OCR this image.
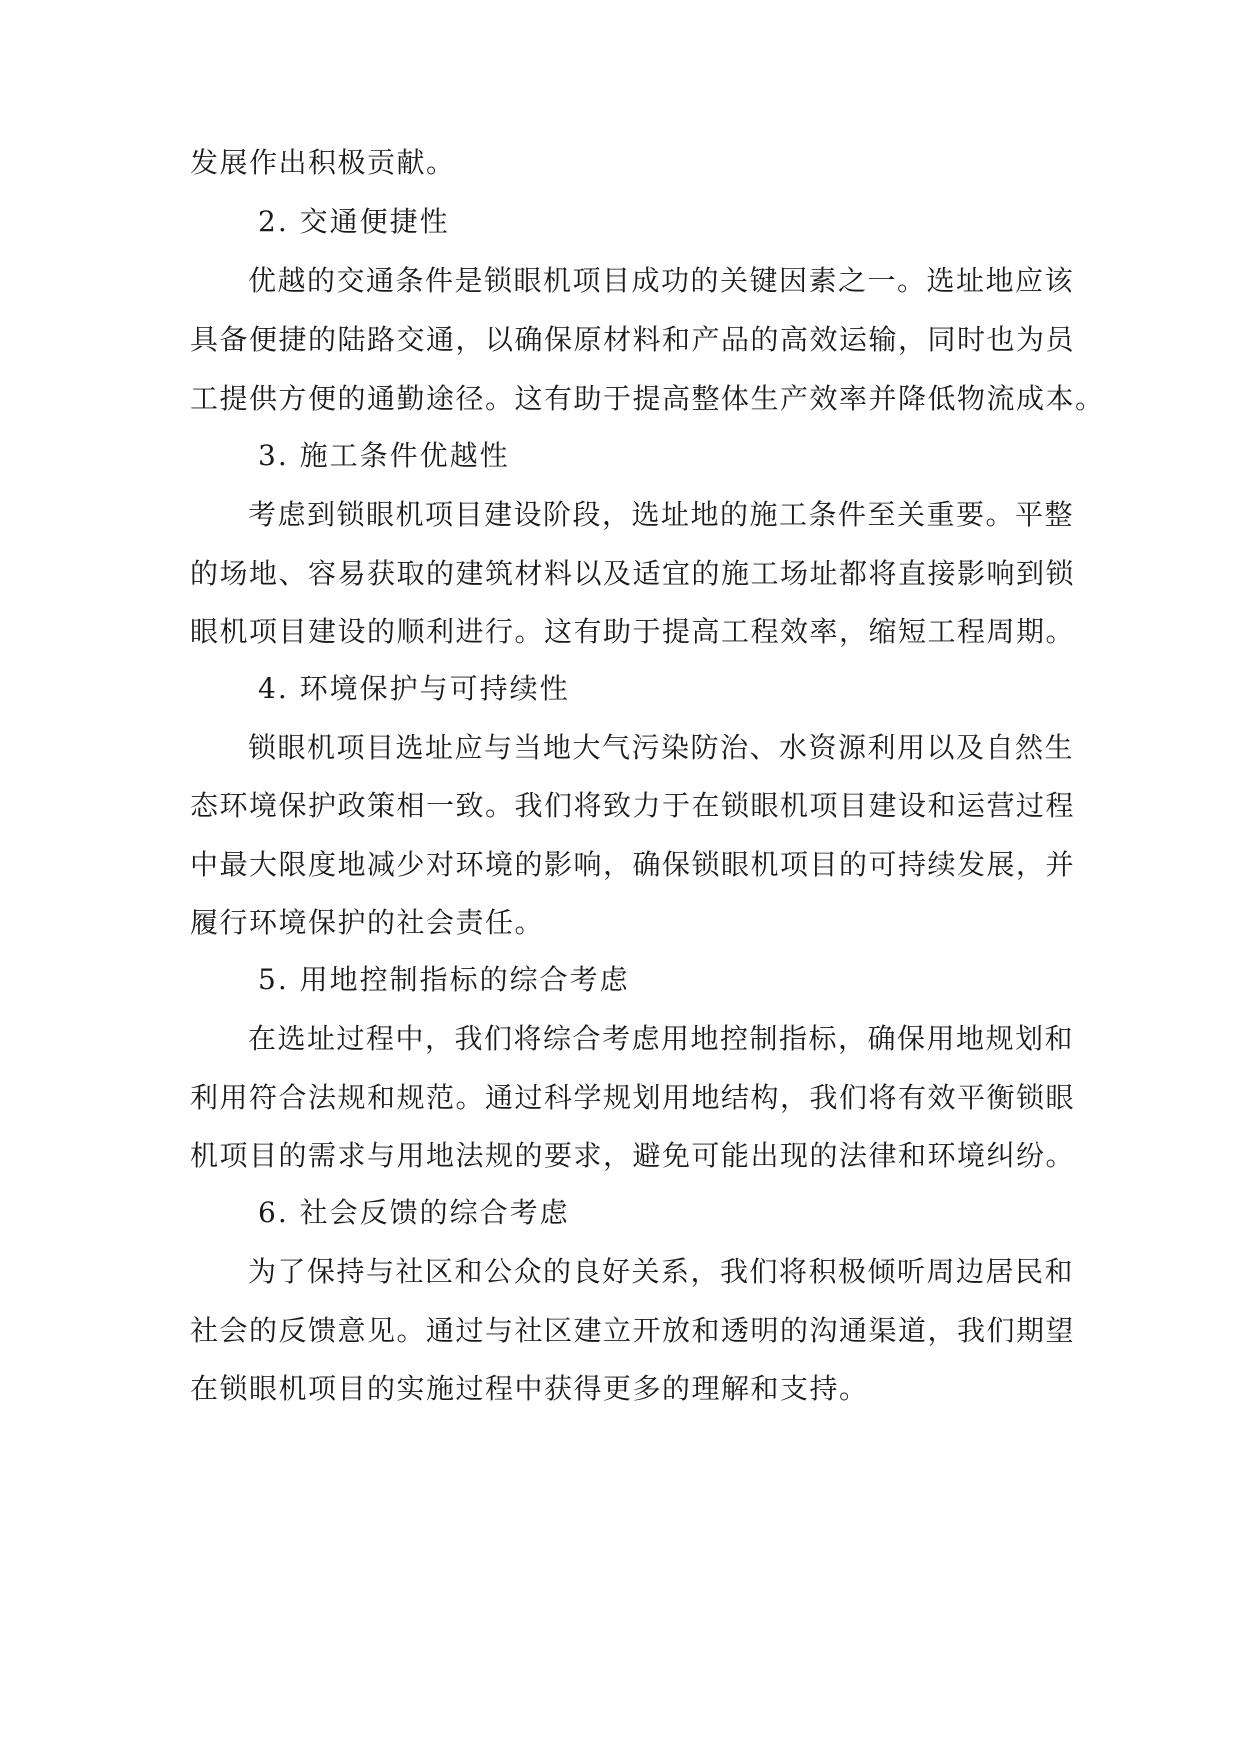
发展作出积极贡献。
2. 交通便捷性
优越的交通条件是锁眼机项目成功的关键因素之一。选址地应该
具备便捷的陆路交通，以确保原材料和产品的高效运输，同时也为员
工提供方便的通勤途径。这有助于提高整体生产效率并降低物流成本。
3. 施工条件优越性
考虑到锁眼机项目建设阶段，选址地的施工条件至关重要。平整
的场地、容易获取的建筑材料以及适宜的施工场址都将直接影响到锁
眼机项目建设的顺利进行。这有助于提高工程效率，缩短工程周期。
4. 环境保护与可持续性
锁眼机项目选址应与当地大气污染防治、水资源利用以及自然生
态环境保护政策相一致。我们将致力于在锁眼机项目建设和运营过程
中最大限度地减少对环境的影响，确保锁眼机项目的可持续发展，并
履行环境保护的社会责任。
5. 用地控制指标的综合考虑
在选址过程中，我们将综合考虑用地控制指标，确保用地规划和
利用符合法规和规范。通过科学规划用地结构，我们将有效平衡锁眼
机项目的需求与用地法规的要求，避免可能出现的法律和环境纠纷。
6. 社会反馈的综合考虑
为了保持与社区和公众的良好关系，我们将积极倾听周边居民和
社会的反馈意见。通过与社区建立开放和透明的沟通渠道，我们期望
在锁眼机项目的实施过程中获得更多的理解和支持。
